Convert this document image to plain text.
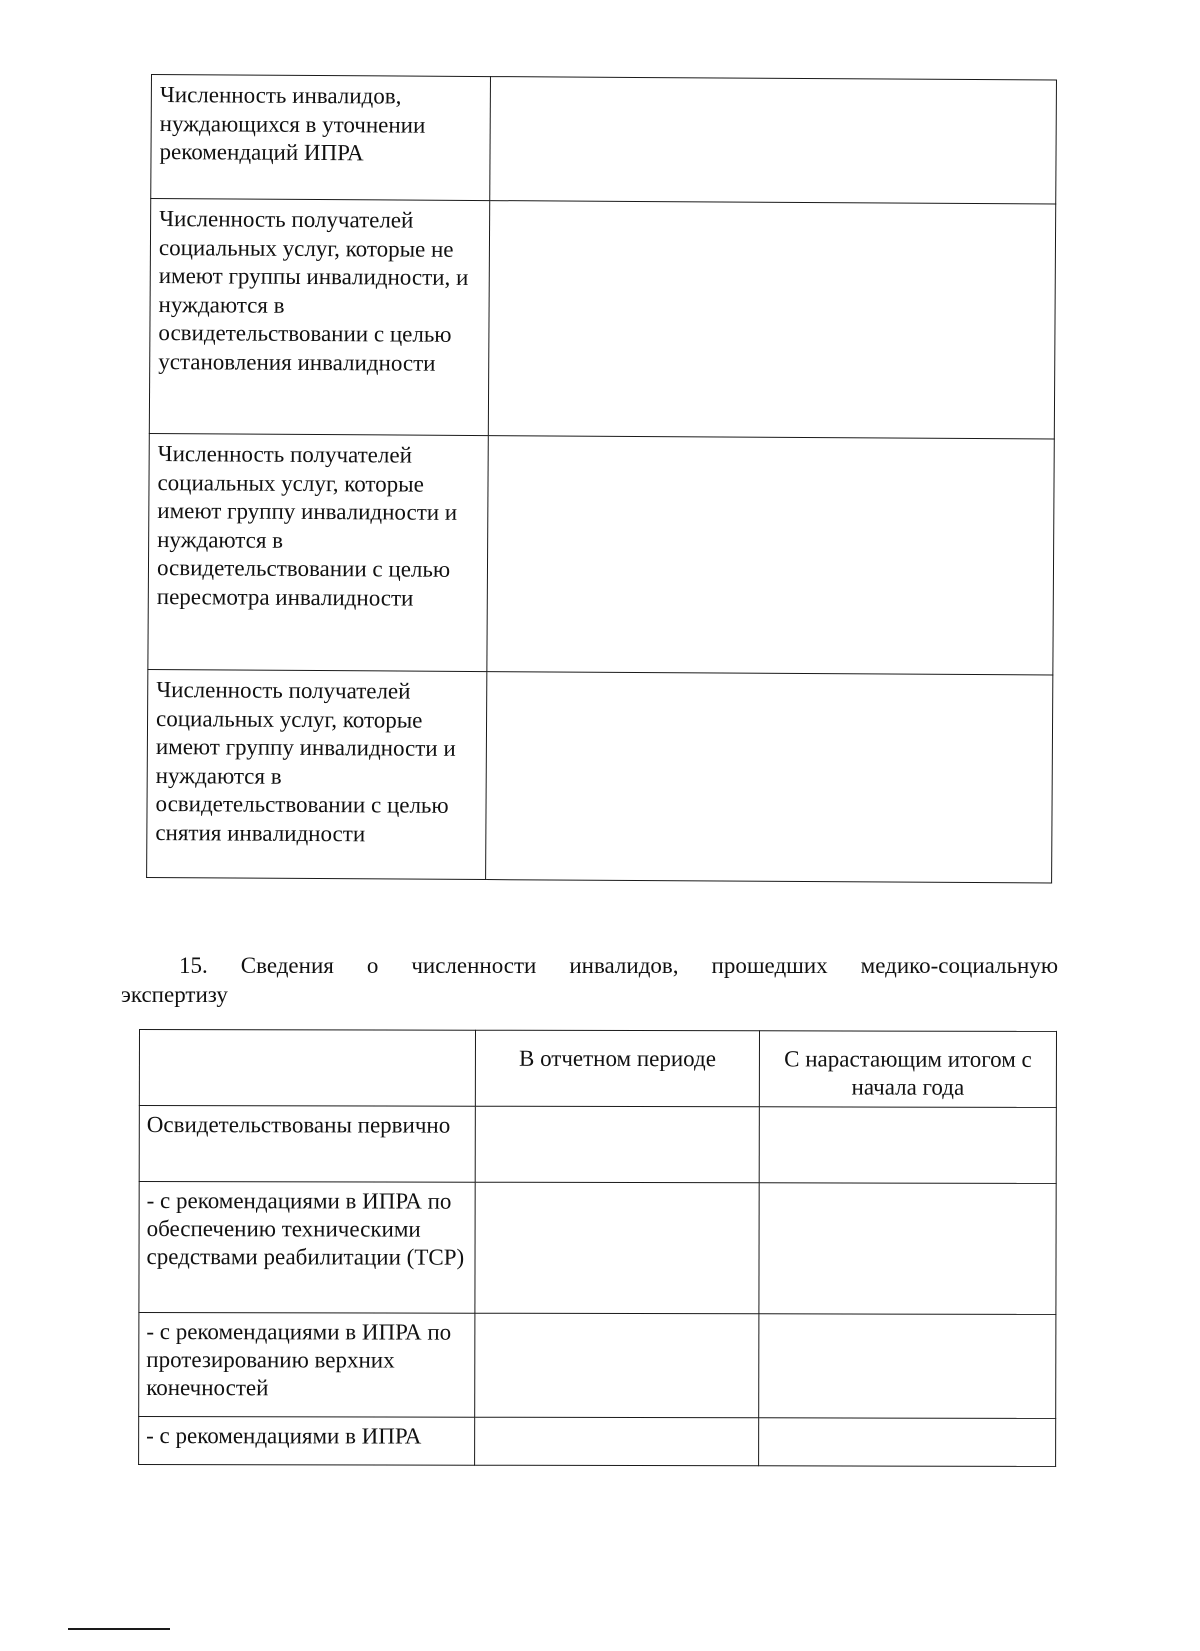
Численность инвалидов, нуждающихся в уточнении рекомендаций ИПРА	
Численность получателей социальных услуг, которые не имеют группы инвалидности, и нуждаются в освидетельствовании с целью установления инвалидности	
Численность получателей социальных услуг, которые имеют группу инвалидности и нуждаются в освидетельствовании с целью пересмотра инвалидности	
Численность получателей социальных услуг, которые имеют группу инвалидности и нуждаются в освидетельствовании с целью снятия инвалидности	
15. Сведения о численности инвалидов, прошедших медико-социальную
экспертизу
	В отчетном периоде	С нарастающим итогом с начала года
Освидетельствованы первично		
- с рекомендациями в ИПРА по обеспечению техническими средствами реабилитации (ТСР)		
- с рекомендациями в ИПРА по протезированию верхних конечностей		
- с рекомендациями в ИПРА		
